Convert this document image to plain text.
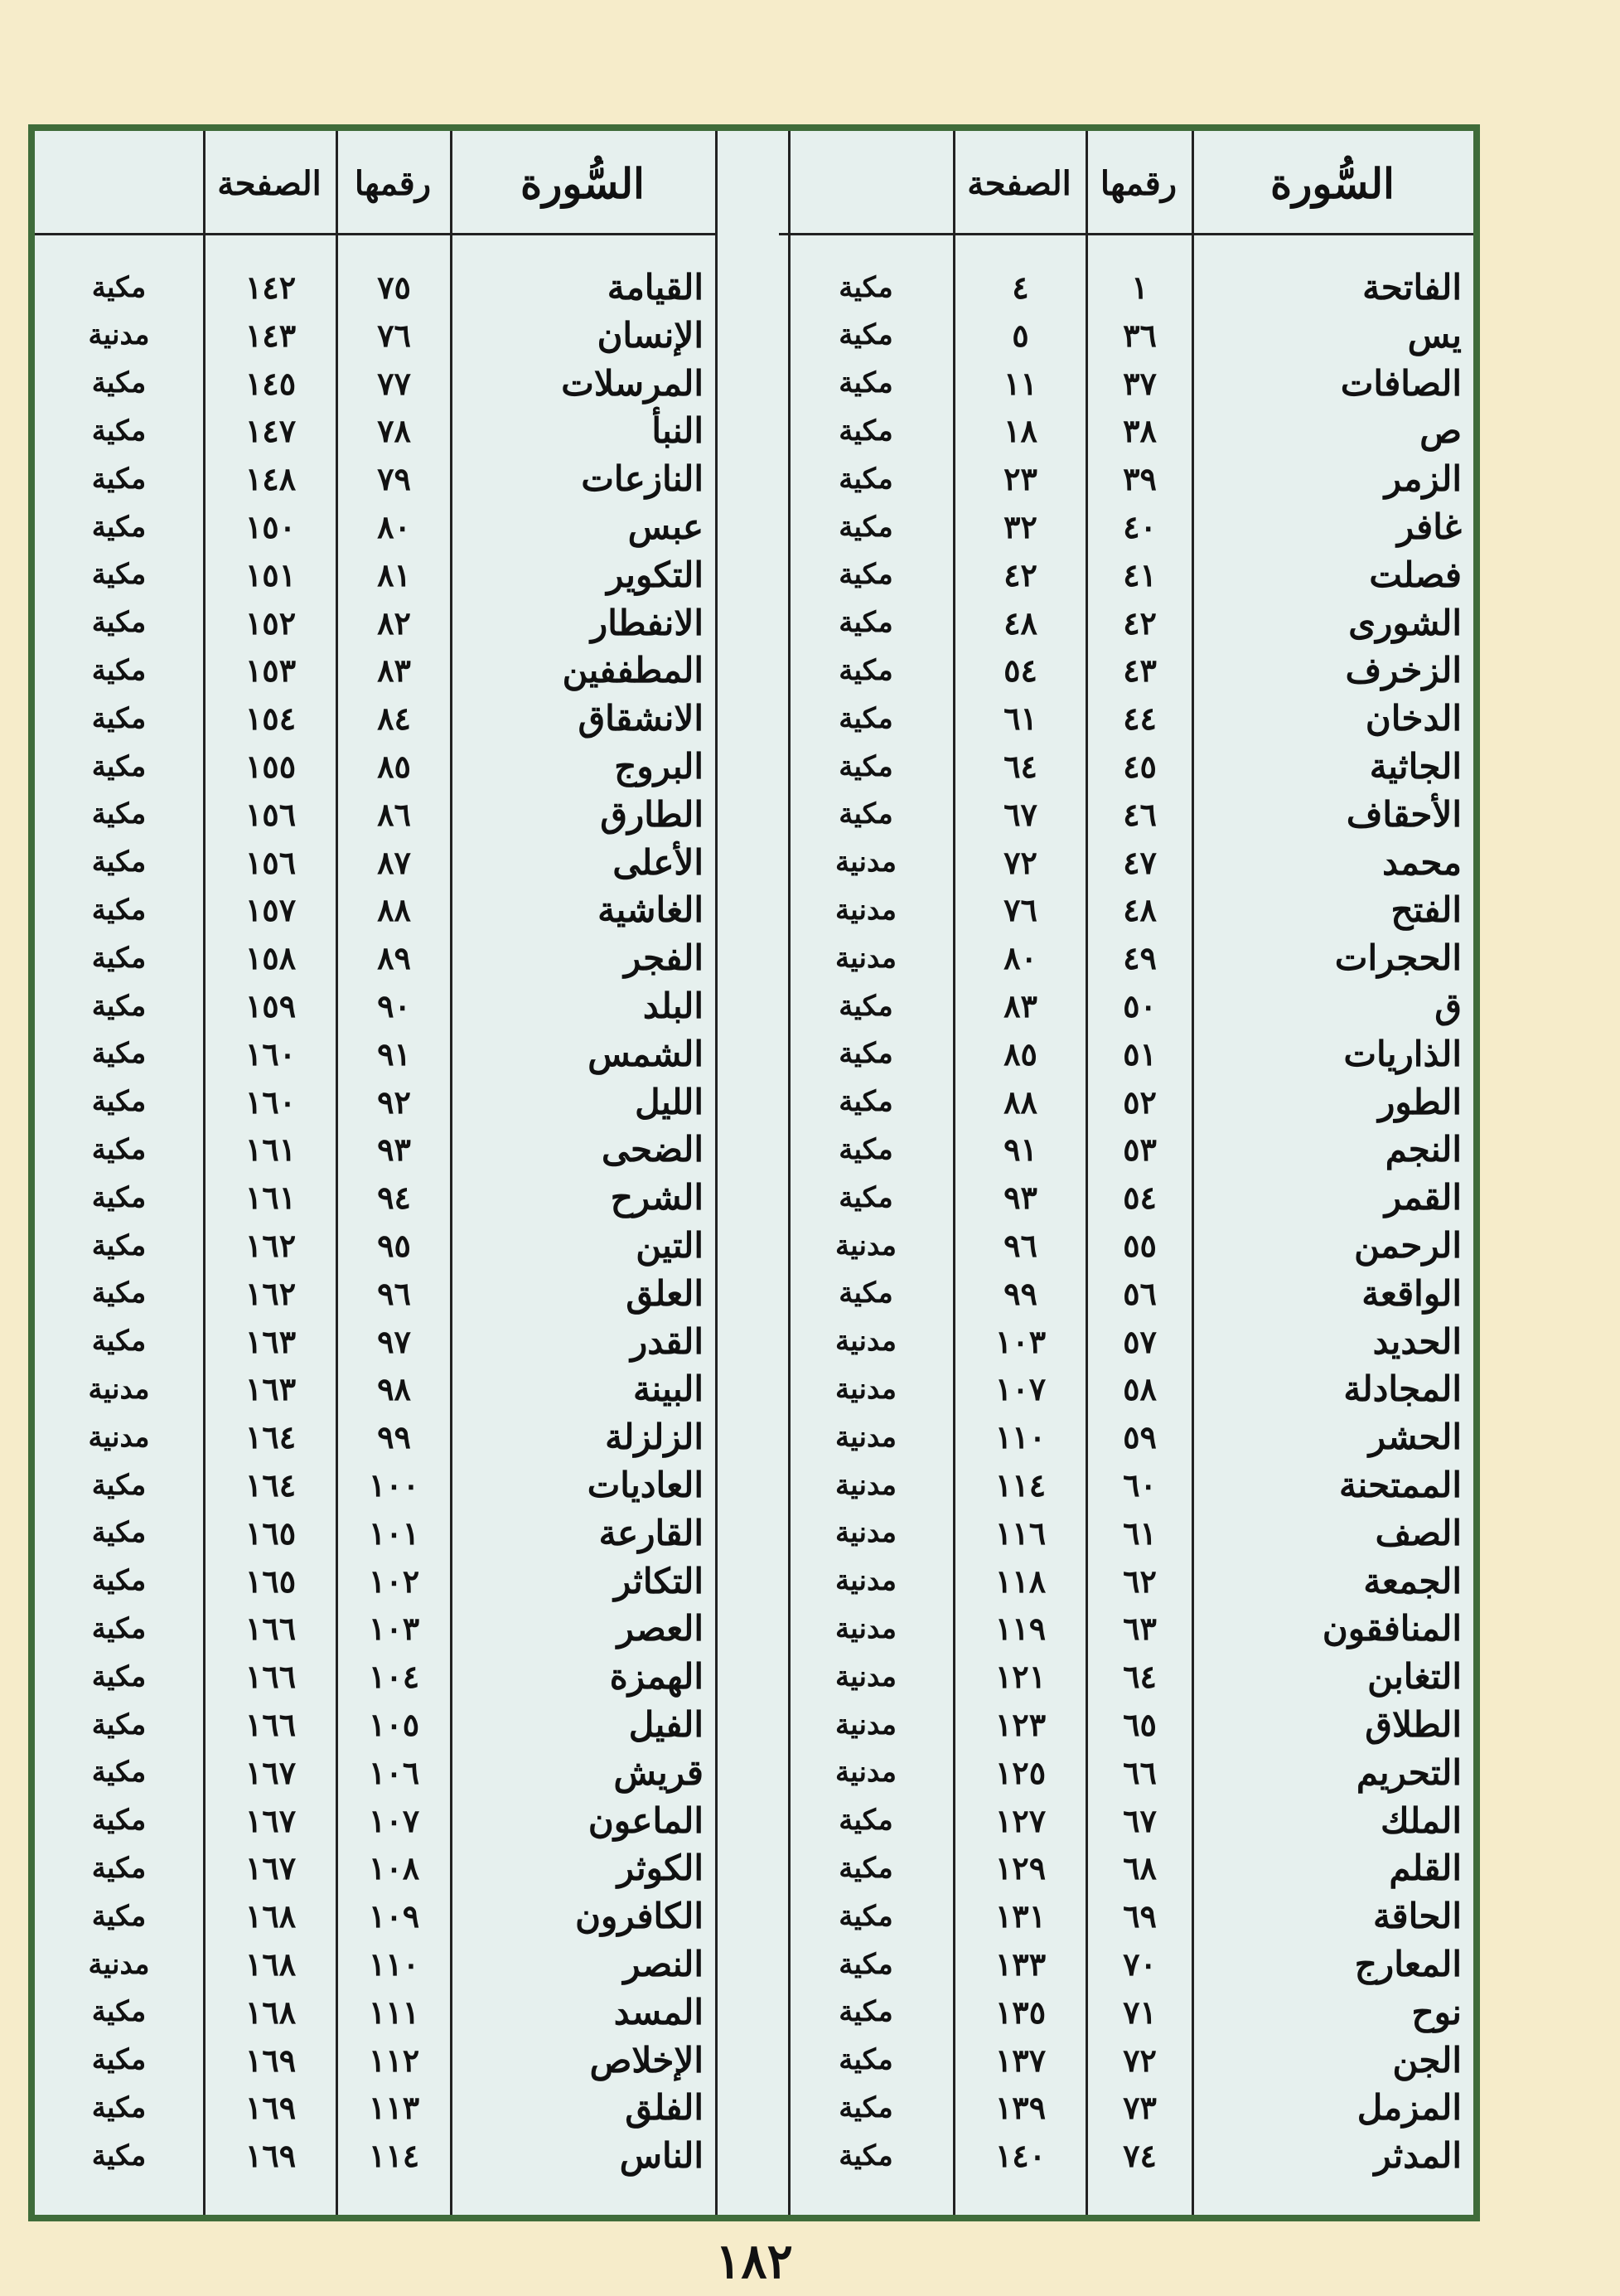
السُّورة
رقمها
الصفحة
الفاتحة
١
٤
مكية
يس
٣٦
٥
مكية
الصافات
٣٧
١١
مكية
ص
٣٨
١٨
مكية
الزمر
٣٩
٢٣
مكية
غافر
٤٠
٣٢
مكية
فصلت
٤١
٤٢
مكية
الشورى
٤٢
٤٨
مكية
الزخرف
٤٣
٥٤
مكية
الدخان
٤٤
٦١
مكية
الجاثية
٤٥
٦٤
مكية
الأحقاف
٤٦
٦٧
مكية
محمد
٤٧
٧٢
مدنية
الفتح
٤٨
٧٦
مدنية
الحجرات
٤٩
٨٠
مدنية
ق
٥٠
٨٣
مكية
الذاريات
٥١
٨٥
مكية
الطور
٥٢
٨٨
مكية
النجم
٥٣
٩١
مكية
القمر
٥٤
٩٣
مكية
الرحمن
٥٥
٩٦
مدنية
الواقعة
٥٦
٩٩
مكية
الحديد
٥٧
١٠٣
مدنية
المجادلة
٥٨
١٠٧
مدنية
الحشر
٥٩
١١٠
مدنية
الممتحنة
٦٠
١١٤
مدنية
الصف
٦١
١١٦
مدنية
الجمعة
٦٢
١١٨
مدنية
المنافقون
٦٣
١١٩
مدنية
التغابن
٦٤
١٢١
مدنية
الطلاق
٦٥
١٢٣
مدنية
التحريم
٦٦
١٢٥
مدنية
الملك
٦٧
١٢٧
مكية
القلم
٦٨
١٢٩
مكية
الحاقة
٦٩
١٣١
مكية
المعارج
٧٠
١٣٣
مكية
نوح
٧١
١٣٥
مكية
الجن
٧٢
١٣٧
مكية
المزمل
٧٣
١٣٩
مكية
المدثر
٧٤
١٤٠
مكية
السُّورة
رقمها
الصفحة
القيامة
٧٥
١٤٢
مكية
الإنسان
٧٦
١٤٣
مدنية
المرسلات
٧٧
١٤٥
مكية
النبأ
٧٨
١٤٧
مكية
النازعات
٧٩
١٤٨
مكية
عبس
٨٠
١٥٠
مكية
التكوير
٨١
١٥١
مكية
الانفطار
٨٢
١٥٢
مكية
المطففين
٨٣
١٥٣
مكية
الانشقاق
٨٤
١٥٤
مكية
البروج
٨٥
١٥٥
مكية
الطارق
٨٦
١٥٦
مكية
الأعلى
٨٧
١٥٦
مكية
الغاشية
٨٨
١٥٧
مكية
الفجر
٨٩
١٥٨
مكية
البلد
٩٠
١٥٩
مكية
الشمس
٩١
١٦٠
مكية
الليل
٩٢
١٦٠
مكية
الضحى
٩٣
١٦١
مكية
الشرح
٩٤
١٦١
مكية
التين
٩٥
١٦٢
مكية
العلق
٩٦
١٦٢
مكية
القدر
٩٧
١٦٣
مكية
البينة
٩٨
١٦٣
مدنية
الزلزلة
٩٩
١٦٤
مدنية
العاديات
١٠٠
١٦٤
مكية
القارعة
١٠١
١٦٥
مكية
التكاثر
١٠٢
١٦٥
مكية
العصر
١٠٣
١٦٦
مكية
الهمزة
١٠٤
١٦٦
مكية
الفيل
١٠٥
١٦٦
مكية
قريش
١٠٦
١٦٧
مكية
الماعون
١٠٧
١٦٧
مكية
الكوثر
١٠٨
١٦٧
مكية
الكافرون
١٠٩
١٦٨
مكية
النصر
١١٠
١٦٨
مدنية
المسد
١١١
١٦٨
مكية
الإخلاص
١١٢
١٦٩
مكية
الفلق
١١٣
١٦٩
مكية
الناس
١١٤
١٦٩
مكية
١٨٢
